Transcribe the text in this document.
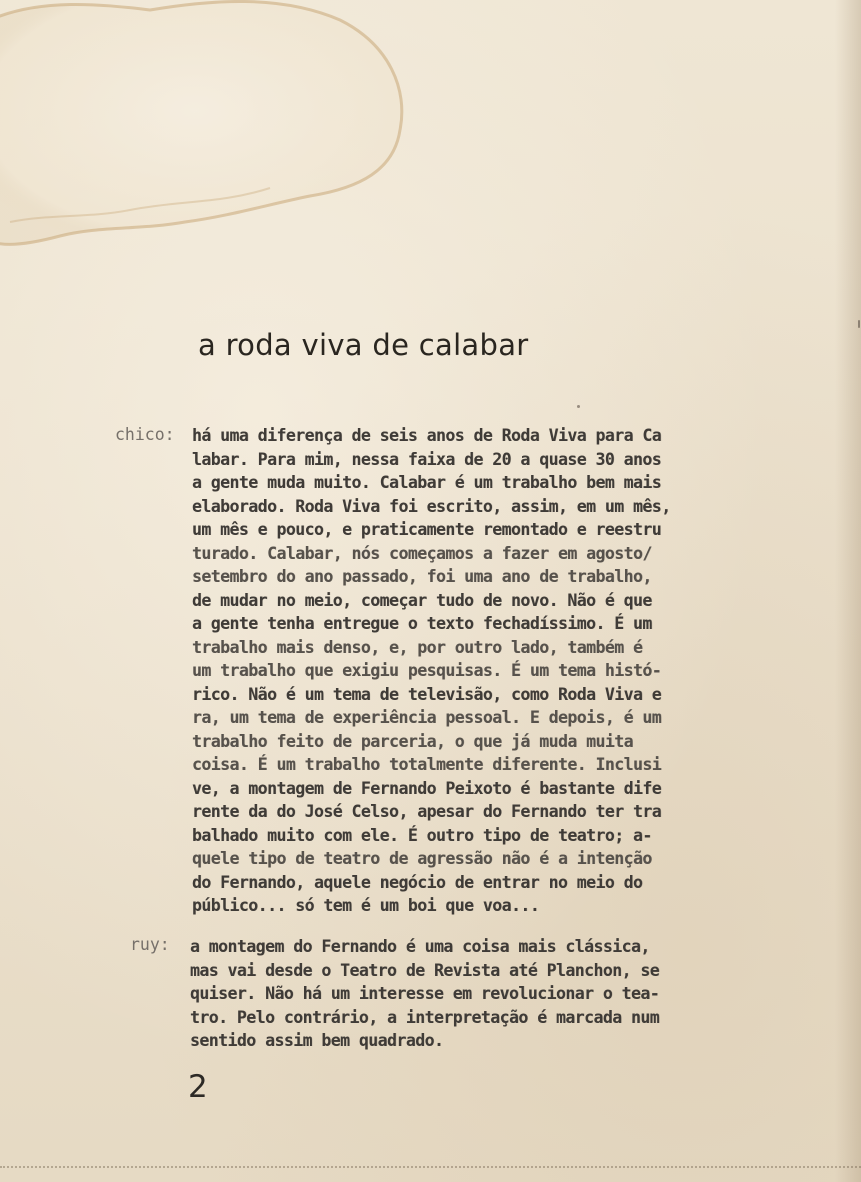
a roda viva de calabar
chico: há uma diferença de seis anos de Roda Viva para Ca
labar. Para mim, nessa faixa de 20 a quase 30 anos
a gente muda muito. Calabar é um trabalho bem mais
elaborado. Roda Viva foi escrito, assim, em um mês,
um mês e pouco, e praticamente remontado e reestru
turado. Calabar, nós começamos a fazer em agosto/
setembro do ano passado, foi uma ano de trabalho,
de mudar no meio, começar tudo de novo. Não é que
a gente tenha entregue o texto fechadíssimo. É um
trabalho mais denso, e, por outro lado, também é
um trabalho que exigiu pesquisas. É um tema histó-
rico. Não é um tema de televisão, como Roda Viva e
ra, um tema de experiência pessoal. E depois, é um
trabalho feito de parceria, o que já muda muita
coisa. É um trabalho totalmente diferente. Inclusi
ve, a montagem de Fernando Peixoto é bastante dife
rente da do José Celso, apesar do Fernando ter tra
balhado muito com ele. É outro tipo de teatro; a-
quele tipo de teatro de agressão não é a intenção
do Fernando, aquele negócio de entrar no meio do
público... só tem é um boi que voa...
ruy: a montagem do Fernando é uma coisa mais clássica,
mas vai desde o Teatro de Revista até Planchon, se
quiser. Não há um interesse em revolucionar o tea-
tro. Pelo contrário, a interpretação é marcada num
sentido assim bem quadrado.
2
